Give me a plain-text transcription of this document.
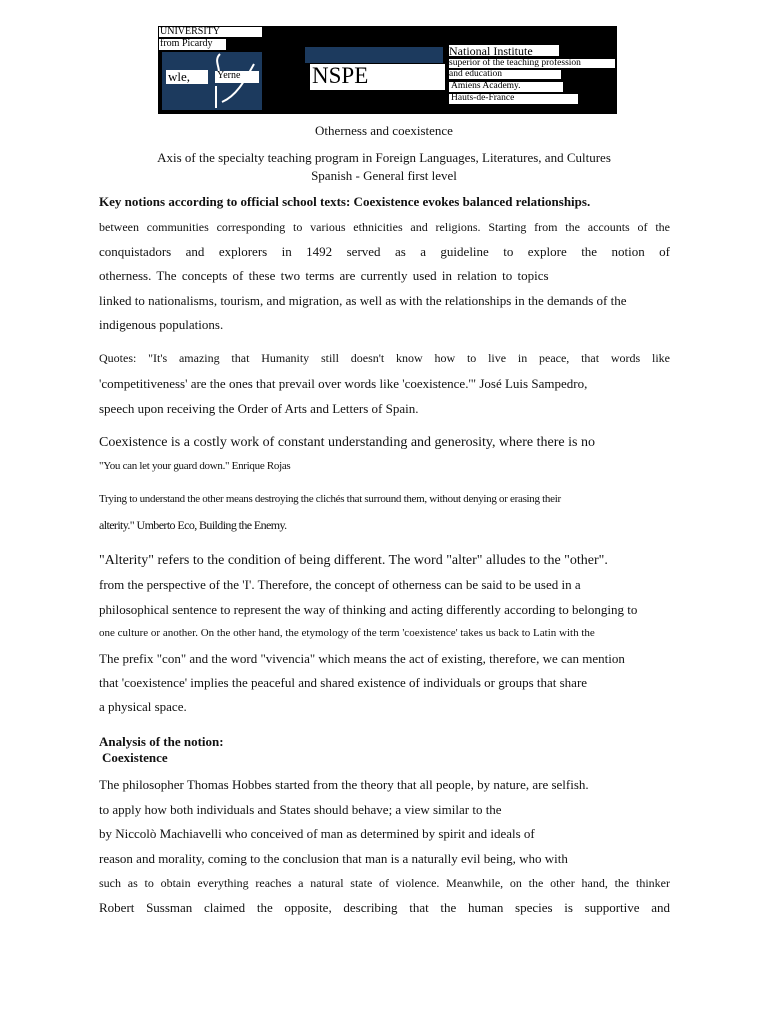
UNIVERSITY
from Picardy
wle,	Yerne	NSPE
National Institute
superior of the teaching profession
and education
Amiens Academy.
Hauts-de-France
Otherness and coexistence
Axis of the specialty teaching program in Foreign Languages, Literatures, and Cultures
Spanish - General first level
Key notions according to official school texts: Coexistence evokes balanced relationships.
between communities corresponding to various ethnicities and religions. Starting from the accounts of the
conquistadors and explorers in 1492 served as a guideline to explore the notion of
otherness. The concepts of these two terms are currently used in relation to topics
linked to nationalisms, tourism, and migration, as well as with the relationships in the demands of the
indigenous populations.
Quotes: "It's amazing that Humanity still doesn't know how to live in peace, that words like
'competitiveness' are the ones that prevail over words like 'coexistence.'" José Luis Sampedro,
speech upon receiving the Order of Arts and Letters of Spain.
Coexistence is a costly work of constant understanding and generosity, where there is no
"You can let your guard down." Enrique Rojas
Trying to understand the other means destroying the clichés that surround them, without denying or erasing their
alterity." Umberto Eco, Building the Enemy.
"Alterity" refers to the condition of being different. The word "alter" alludes to the "other".
from the perspective of the 'I'. Therefore, the concept of otherness can be said to be used in a
philosophical sentence to represent the way of thinking and acting differently according to belonging to
one culture or another. On the other hand, the etymology of the term 'coexistence' takes us back to Latin with the
The prefix "con" and the word "vivencia" which means the act of existing, therefore, we can mention
that 'coexistence' implies the peaceful and shared existence of individuals or groups that share
a physical space.
Analysis of the notion:
Coexistence
The philosopher Thomas Hobbes started from the theory that all people, by nature, are selfish.
to apply how both individuals and States should behave; a view similar to the
by Niccolò Machiavelli who conceived of man as determined by spirit and ideals of
reason and morality, coming to the conclusion that man is a naturally evil being, who with
such as to obtain everything reaches a natural state of violence. Meanwhile, on the other hand, the thinker
Robert Sussman claimed the opposite, describing that the human species is supportive and
